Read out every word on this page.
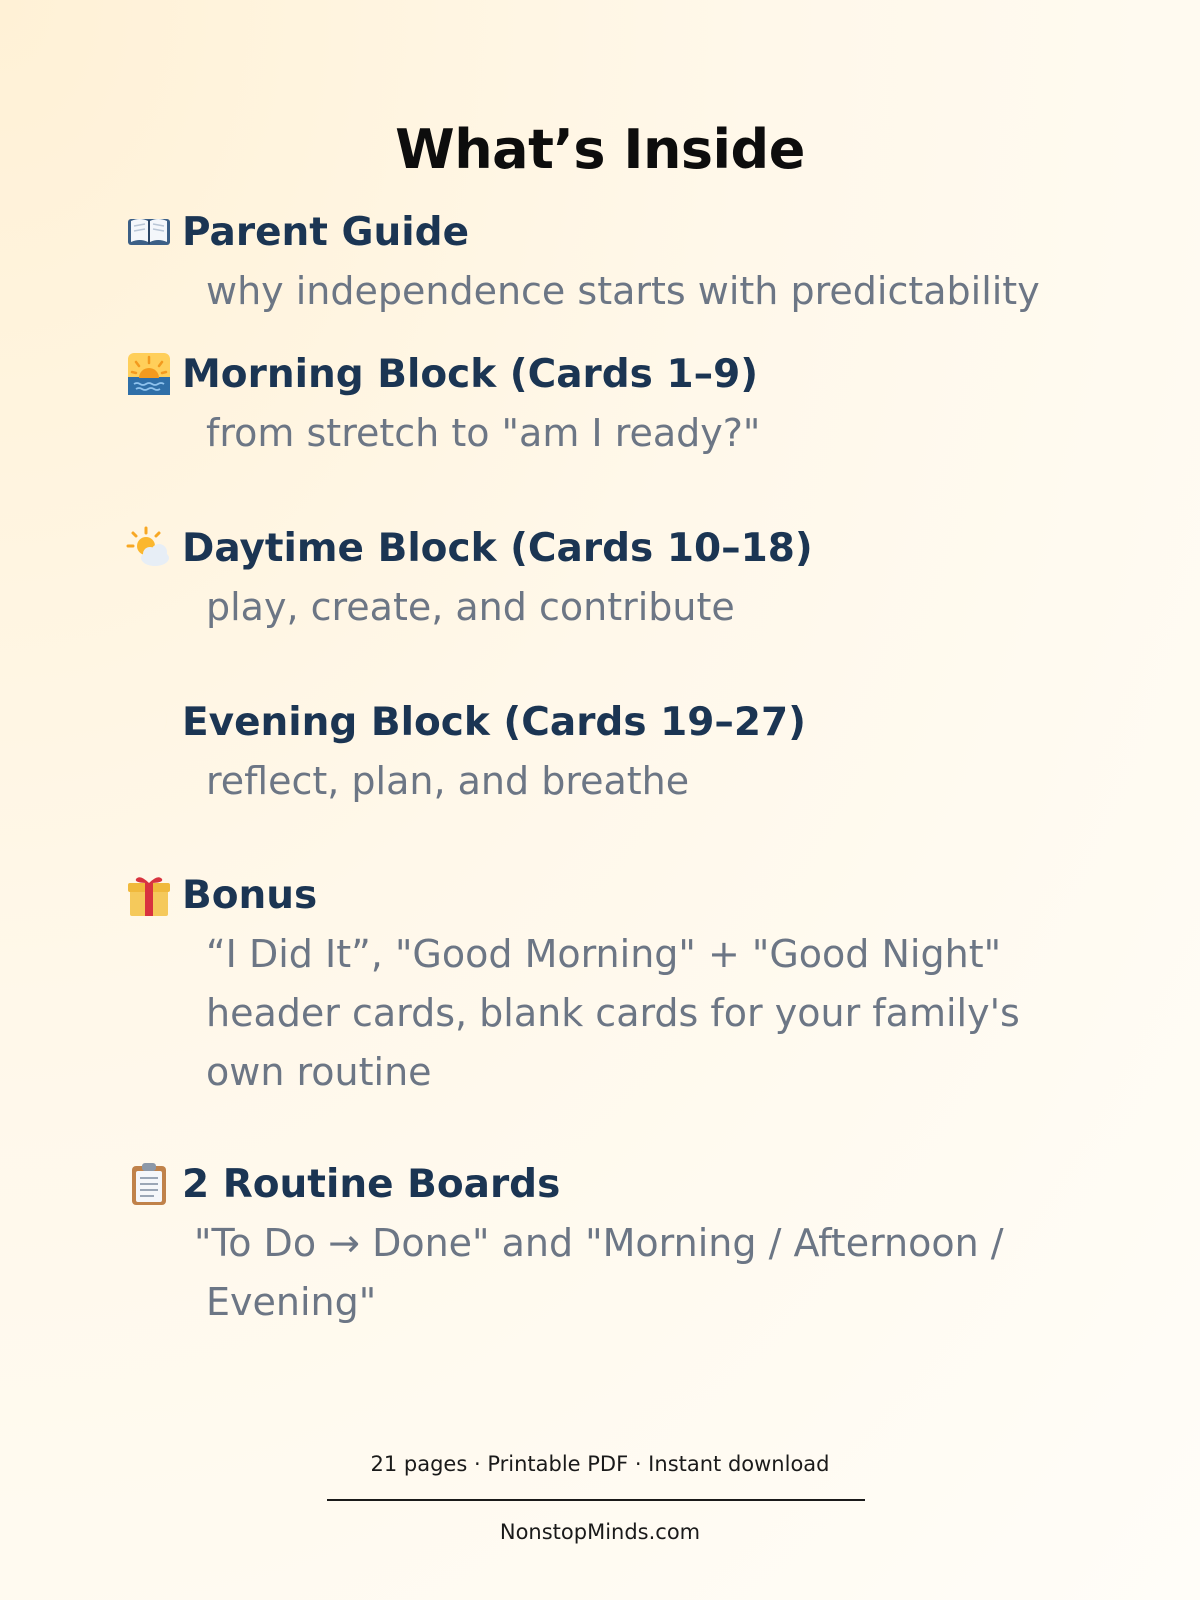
What’s Inside
Parent Guide
why independence starts with predictability
Morning Block (Cards 1–9)
from stretch to "am I ready?"
Daytime Block (Cards 10–18)
play, create, and contribute
Evening Block (Cards 19–27)
reflect, plan, and breathe
Bonus
“I Did It”, "Good Morning" + "Good Night"
header cards, blank cards for your family's
own routine
2 Routine Boards
"To Do → Done" and "Morning / Afternoon /
Evening"
21 pages · Printable PDF · Instant download
NonstopMinds.com
